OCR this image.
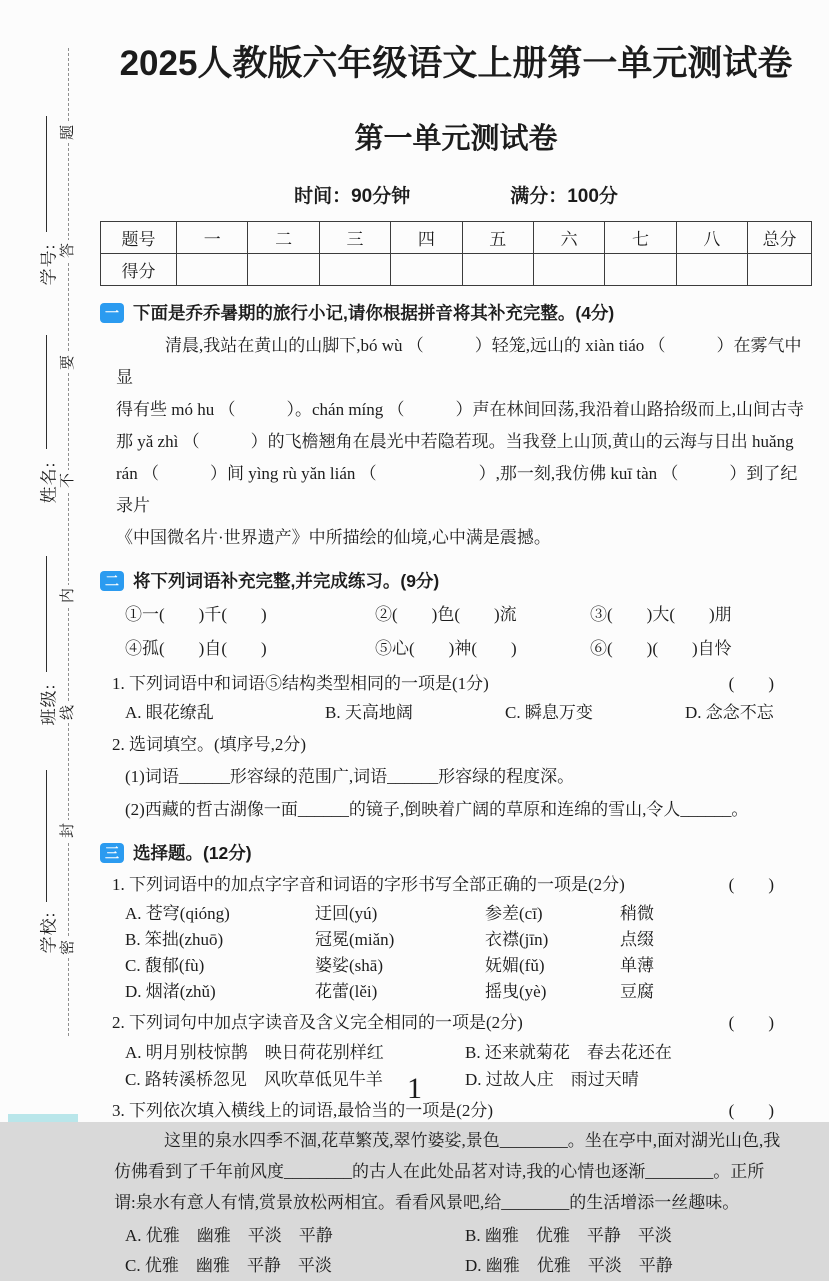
学号:
姓名:
班级:
学校:
题
答
要
不
内
线
封
密
2025人教版六年级语文上册第一单元测试卷
第一单元测试卷
时间：90分钟	满分：100分
题号	一	二	三	四	五	六	七	八	总分
得分									
一 下面是乔乔暑期的旅行小记,请你根据拼音将其补充完整。(4分)
清晨,我站在黄山的山脚下,bó wù （　　　）轻笼,远山的 xiàn tiáo （　　　）在雾气中显
得有些 mó hu （　　　）。chán míng （　　　）声在林间回荡,我沿着山路拾级而上,山间古寺
那 yǎ zhì （　　　）的飞檐翘角在晨光中若隐若现。当我登上山顶,黄山的云海与日出 huǎng
rán （　　　）间 yìng rù yǎn lián （　　　　　　）,那一刻,我仿佛 kuī tàn （　　　）到了纪录片
《中国微名片·世界遗产》中所描绘的仙境,心中满是震撼。
二 将下列词语补充完整,并完成练习。(9分)
①一(　　)千(　　)	②(　　)色(　　)流	③(　　)大(　　)朋
④孤(　　)自(　　)	⑤心(　　)神(　　)	⑥(　　)(　　)自怜
1. 下列词语中和词语⑤结构类型相同的一项是(1分)	(　　)
A. 眼花缭乱	B. 天高地阔	C. 瞬息万变	D. 念念不忘
2. 选词填空。(填序号,2分)
(1)词语______形容绿的范围广,词语______形容绿的程度深。
(2)西藏的哲古湖像一面______的镜子,倒映着广阔的草原和连绵的雪山,令人______。
三 选择题。(12分)
1. 下列词语中的加点字字音和词语的字形书写全部正确的一项是(2分)	(　　)
A. 苍穹(qióng)	迂回(yú)	参差(cī)	稍微
B. 笨拙(zhuō)	冠冕(miǎn)	衣襟(jīn)	点缀
C. 馥郁(fù)	婆娑(shā)	妩媚(fǔ)	单薄
D. 烟渚(zhǔ)	花蕾(lěi)	摇曳(yè)	豆腐
2. 下列词句中加点字读音及含义完全相同的一项是(2分)	(　　)
A. 明月别枝惊鹊　映日荷花别样红	B. 还来就菊花　春去花还在
C. 路转溪桥忽见　风吹草低见牛羊	D. 过故人庄　雨过天晴
3. 下列依次填入横线上的词语,最恰当的一项是(2分)	(　　)
这里的泉水四季不涸,花草繁茂,翠竹婆娑,景色________。坐在亭中,面对湖光山色,我
仿佛看到了千年前风度________的古人在此处品茗对诗,我的心情也逐渐________。正所
谓:泉水有意人有情,赏景放松两相宜。看看风景吧,给________的生活增添一丝趣味。
A. 优雅　幽雅　平淡　平静	B. 幽雅　优雅　平静　平淡
C. 优雅　幽雅　平静　平淡	D. 幽雅　优雅　平淡　平静
1
